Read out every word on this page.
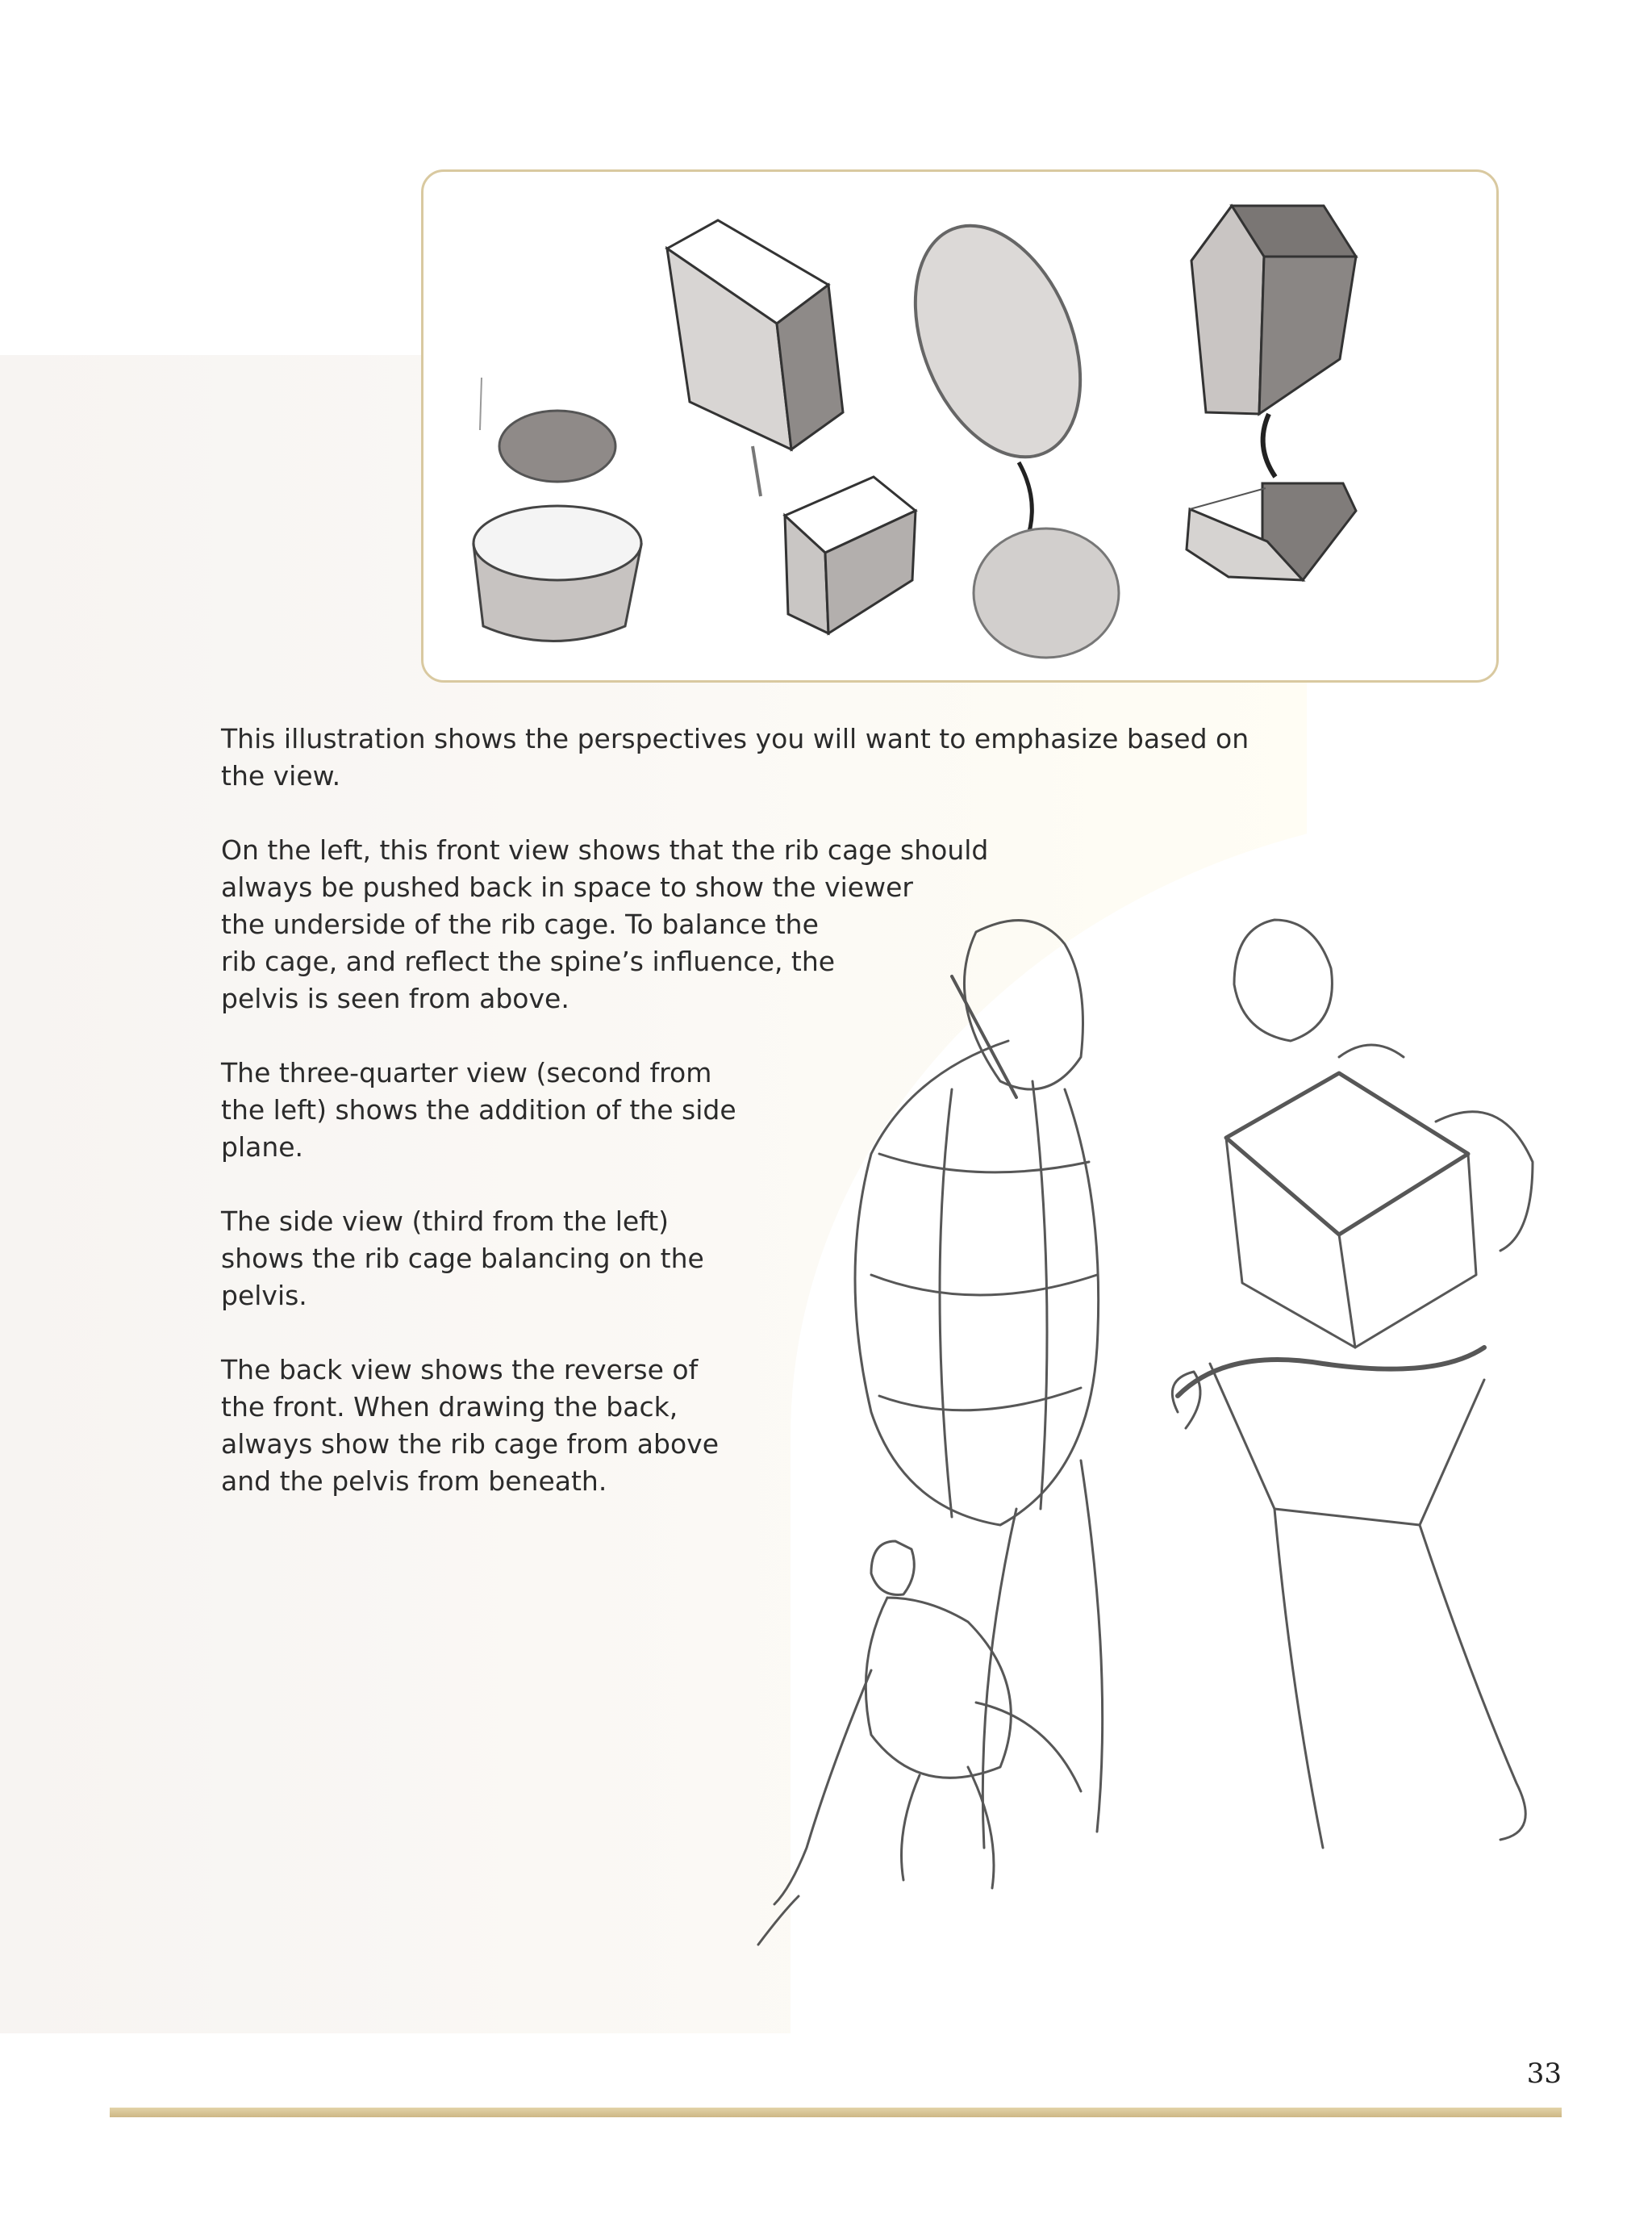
This illustration shows the perspectives you will want to emphasize based on
the view.

On the left, this front view shows that the rib cage should
always be pushed back in space to show the viewer
the underside of the rib cage. To balance the
rib cage, and reflect the spine’s influence, the
pelvis is seen from above.

The three-quarter view (second from
the left) shows the addition of the side
plane.

The side view (third from the left)
shows the rib cage balancing on the
pelvis.

The back view shows the reverse of
the front. When drawing the back,
always show the rib cage from above
and the pelvis from beneath.

33
